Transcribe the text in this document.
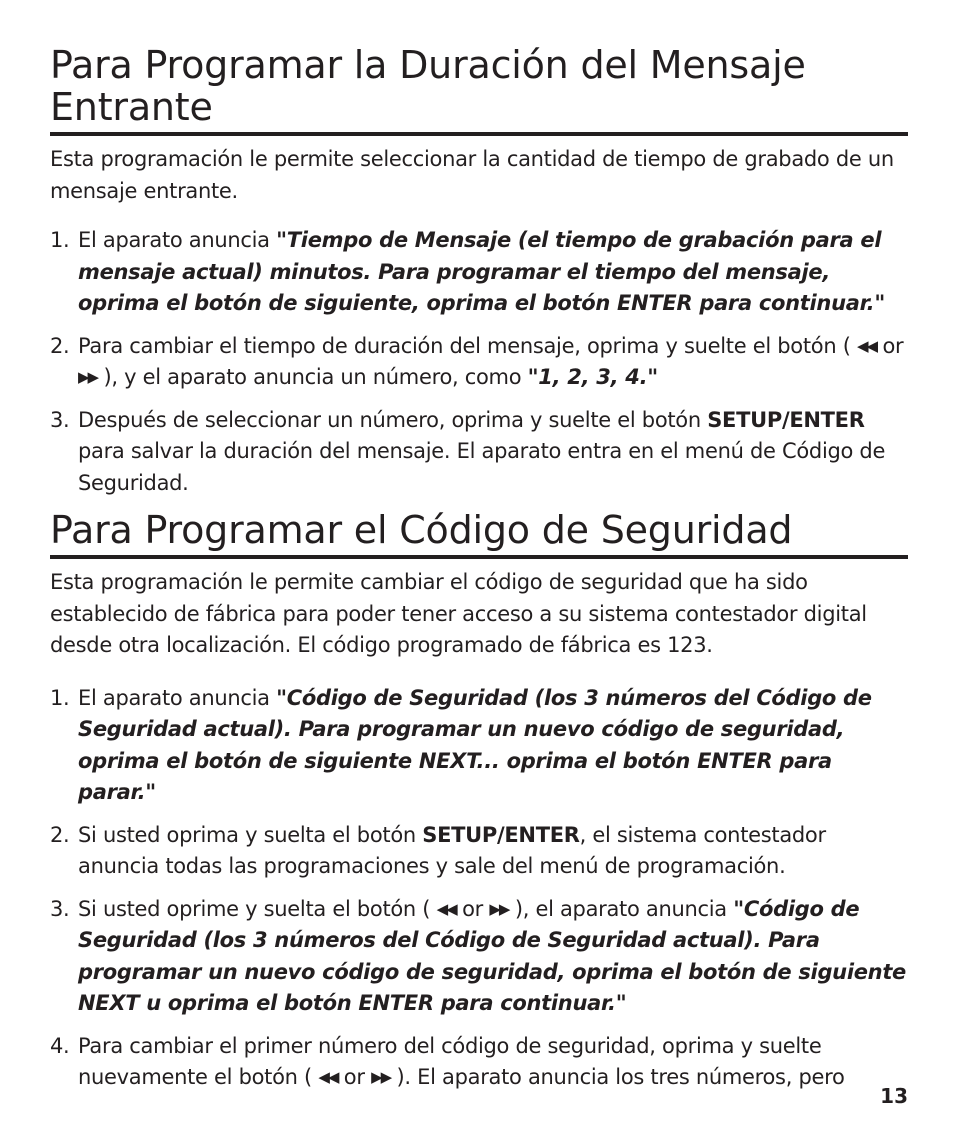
Para Programar la Duración del Mensaje Entrante

Esta programación le permite seleccionar la cantidad de tiempo de grabado de un mensaje entrante.

1. El aparato anuncia "Tiempo de Mensaje (el tiempo de grabación para el mensaje actual) minutos. Para programar el tiempo del mensaje, oprima el botón de siguiente, oprima el botón ENTER para continuar."
2. Para cambiar el tiempo de duración del mensaje, oprima y suelte el botón ( ◀◀ or ▶▶ ), y el aparato anuncia un número, como "1, 2, 3, 4."
3. Después de seleccionar un número, oprima y suelte el botón SETUP/ENTER para salvar la duración del mensaje. El aparato entra en el menú de Código de Seguridad.
Para Programar el Código de Seguridad

Esta programación le permite cambiar el código de seguridad que ha sido establecido de fábrica para poder tener acceso a su sistema contestador digital desde otra localización. El código programado de fábrica es 123.

1. El aparato anuncia "Código de Seguridad (los 3 números del Código de Seguridad actual). Para programar un nuevo código de seguridad, oprima el botón de siguiente NEXT... oprima el botón ENTER para parar."
2. Si usted oprima y suelta el botón SETUP/ENTER, el sistema contestador anuncia todas las programaciones y sale del menú de programación.
3. Si usted oprime y suelta el botón ( ◀◀ or ▶▶ ), el aparato anuncia "Código de Seguridad (los 3 números del Código de Seguridad actual). Para programar un nuevo código de seguridad, oprima el botón de siguiente NEXT u oprima el botón ENTER para continuar."
4. Para cambiar el primer número del código de seguridad, oprima y suelte nuevamente el botón ( ◀◀ or ▶▶ ). El aparato anuncia los tres números, pero
13
